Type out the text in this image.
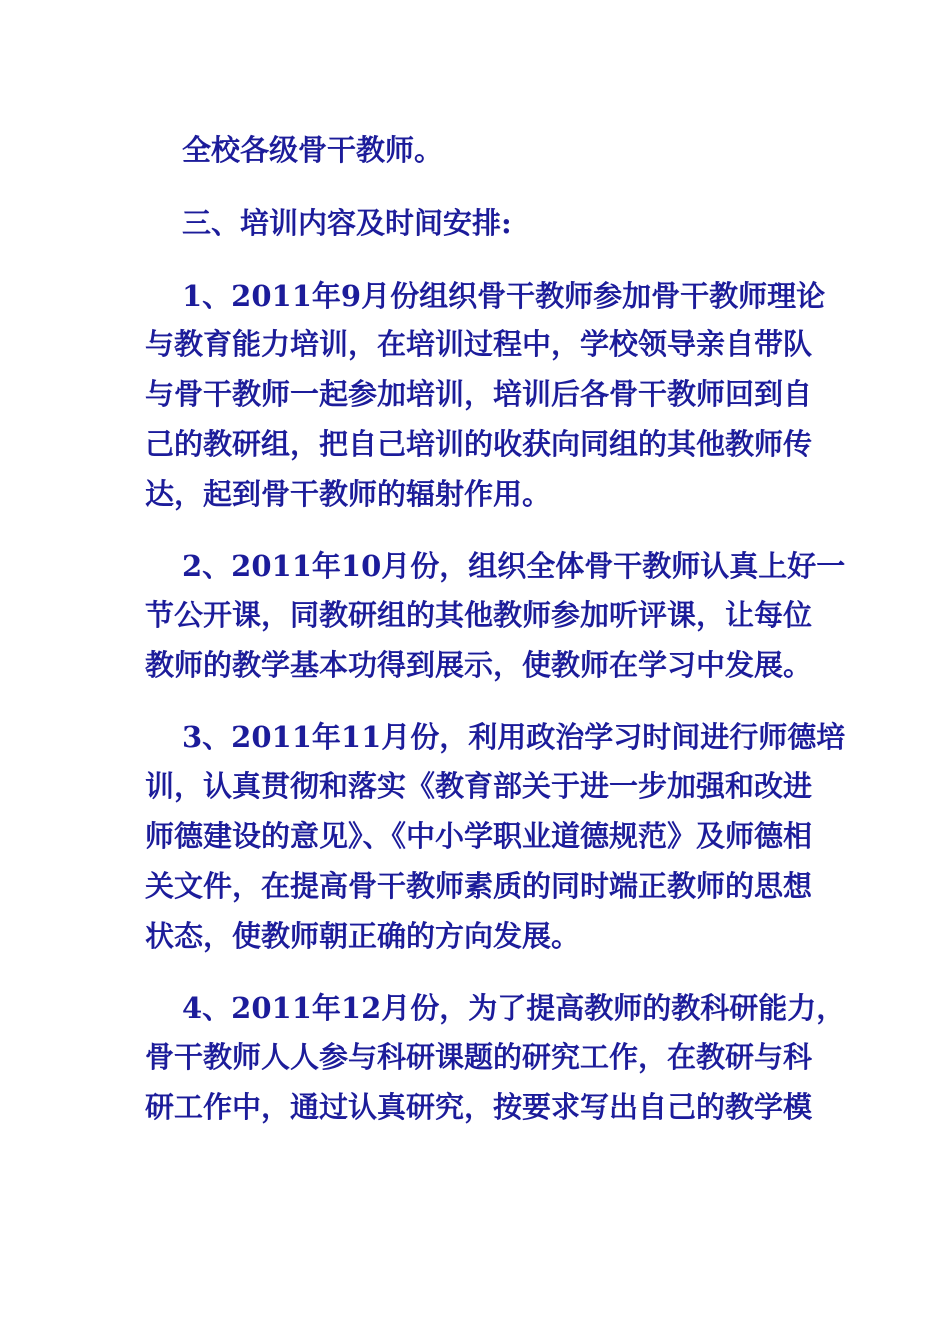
全校各级骨干教师。
三、培训内容及时间安排:
1、2011年9月份组织骨干教师参加骨干教师理论
与教育能力培训，在培训过程中，学校领导亲自带队
与骨干教师一起参加培训，培训后各骨干教师回到自
己的教研组，把自己培训的收获向同组的其他教师传
达，起到骨干教师的辐射作用。
2、2011年10月份，组织全体骨干教师认真上好一
节公开课，同教研组的其他教师参加听评课，让每位
教师的教学基本功得到展示，使教师在学习中发展。
3、2011年11月份，利用政治学习时间进行师德培
训，认真贯彻和落实《教育部关于进一步加强和改进
师德建设的意见》、《中小学职业道德规范》及师德相
关文件，在提高骨干教师素质的同时端正教师的思想
状态，使教师朝正确的方向发展。
4、2011年12月份，为了提高教师的教科研能力，
骨干教师人人参与科研课题的研究工作，在教研与科
研工作中，通过认真研究，按要求写出自己的教学模
